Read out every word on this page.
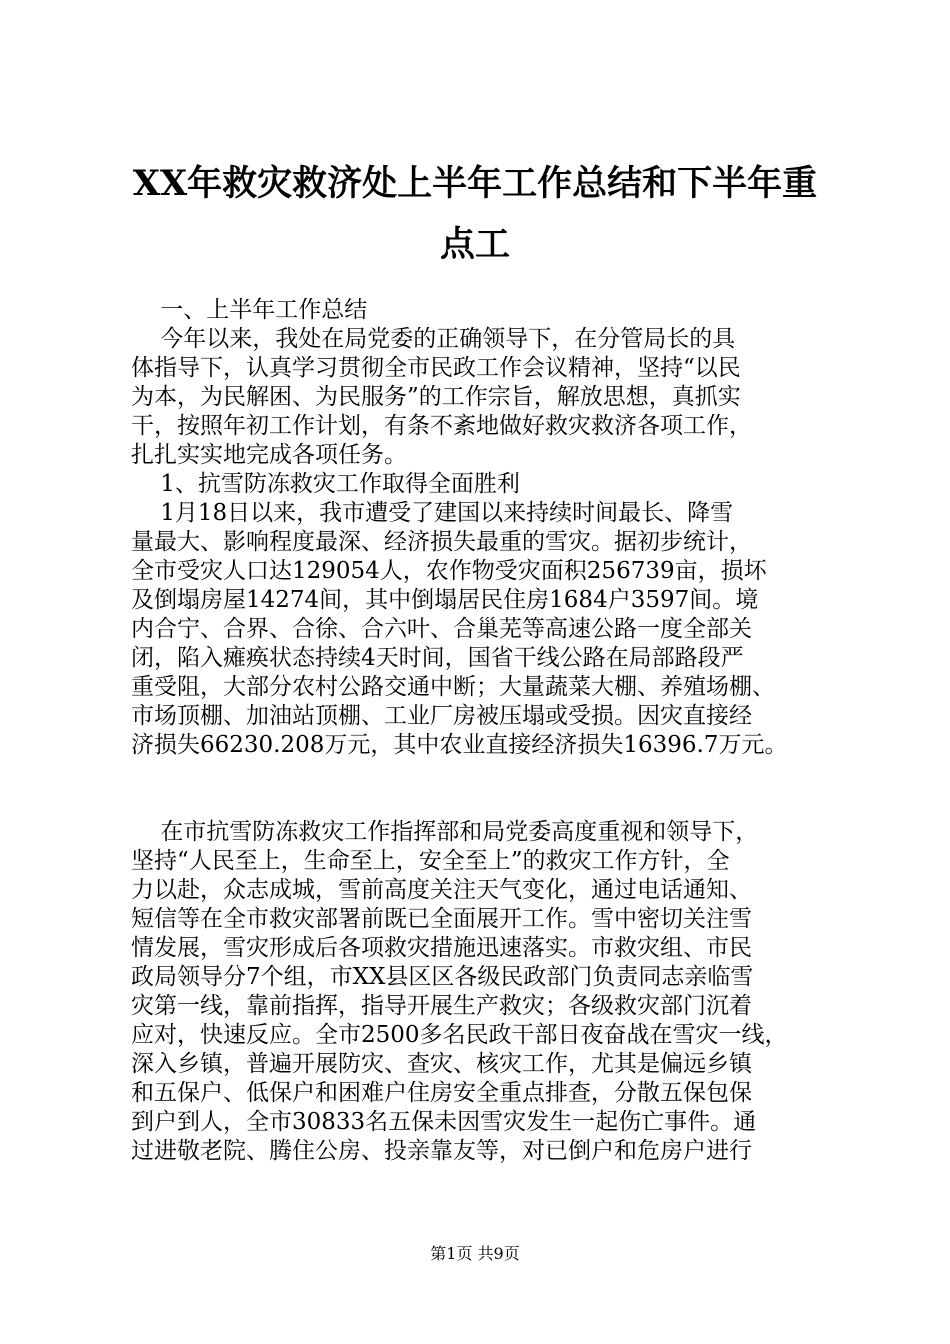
XX年救灾救济处上半年工作总结和下半年重
点工

一、上半年工作总结

今年以来，我处在局党委的正确领导下，在分管局长的具

体指导下，认真学习贯彻全市民政工作会议精神，坚持“以民

为本，为民解困、为民服务”的工作宗旨，解放思想，真抓实

干，按照年初工作计划，有条不紊地做好救灾救济各项工作，

扎扎实实地完成各项任务。

1、抗雪防冻救灾工作取得全面胜利

1月18日以来，我市遭受了建国以来持续时间最长、降雪

量最大、影响程度最深、经济损失最重的雪灾。据初步统计，

全市受灾人口达129054人，农作物受灾面积256739亩，损坏

及倒塌房屋14274间，其中倒塌居民住房1684户3597间。境

内合宁、合界、合徐、合六叶、合巢芜等高速公路一度全部关

闭，陷入瘫痪状态持续4天时间，国省干线公路在局部路段严

重受阻，大部分农村公路交通中断；大量蔬菜大棚、养殖场棚、

市场顶棚、加油站顶棚、工业厂房被压塌或受损。因灾直接经

济损失66230.208万元，其中农业直接经济损失16396.7万元。

在市抗雪防冻救灾工作指挥部和局党委高度重视和领导下，

坚持“人民至上，生命至上，安全至上”的救灾工作方针，全

力以赴，众志成城，雪前高度关注天气变化，通过电话通知、

短信等在全市救灾部署前既已全面展开工作。雪中密切关注雪

情发展，雪灾形成后各项救灾措施迅速落实。市救灾组、市民

政局领导分7个组，市XX县区区各级民政部门负责同志亲临雪

灾第一线，靠前指挥，指导开展生产救灾；各级救灾部门沉着

应对，快速反应。全市2500多名民政干部日夜奋战在雪灾一线，

深入乡镇，普遍开展防灾、查灾、核灾工作，尤其是偏远乡镇

和五保户、低保户和困难户住房安全重点排查，分散五保包保

到户到人，全市30833名五保未因雪灾发生一起伤亡事件。通

过进敬老院、腾住公房、投亲靠友等，对已倒户和危房户进行

第1页 共9页
